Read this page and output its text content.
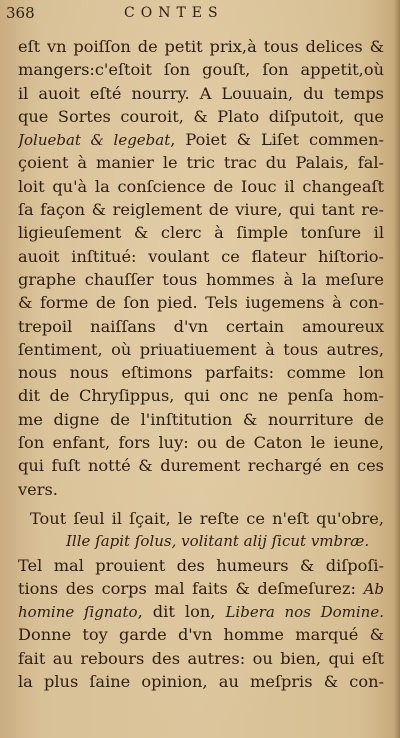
368	CONTES
eſt vn poiſſon de petit prix,à tous delices &
mangers:c'eſtoit ſon gouſt, ſon appetit,où
il auoit eſté nourry. A Louuain, du temps
que Sortes couroit, & Plato diſputoit, que
Joluebat & legebat, Poiet & Liſet commen-
çoient à manier le tric trac du Palais, fal-
loit qu'à la conſcience de Iouc il changeaſt
ſa façon & reiglement de viure, qui tant re-
ligieuſement & clerc à ſimple tonſure il
auoit inſtitué: voulant ce flateur hiſtorio-
graphe chauſſer tous hommes à la meſure
& forme de ſon pied. Tels iugemens à con-
trepoil naiſſans d'vn certain amoureux
ſentiment, où priuatiuement à tous autres,
nous nous eſtimons parfaits: comme lon
dit de Chryſippus, qui onc ne penſa hom-
me digne de l'inſtitution & nourriture de
ſon enfant, fors luy: ou de Caton le ieune,
qui fuſt notté & durement rechargé en ces
vers.
Tout ſeul il ſçait, le reſte ce n'eſt qu'obre,
Ille ſapit ſolus, volitant alij ſicut vmbræ.
Tel mal prouient des humeurs & diſpoſi-
tions des corps mal faits & deſmeſurez: Ab
homine ſignato, dit lon, Libera nos Domine.
Donne toy garde d'vn homme marqué &
fait au rebours des autres: ou bien, qui eſt
la plus ſaine opinion, au meſpris & con-
